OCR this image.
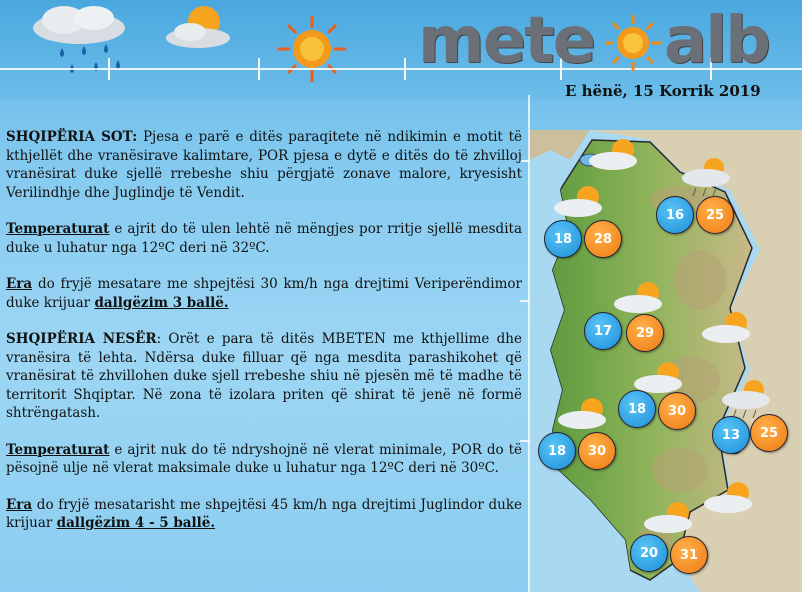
mete alb
E hënë, 15 Korrik 2019

SHQIPËRIA SOT: Pjesa e parë e ditës paraqitete në ndikimin e motit të kthjellët dhe vranësirave kalimtare, POR pjesa e dytë e ditës do të zhvilloj vranësirat duke sjellë rrebeshe shiu përgjatë zonave malore, kryesisht Verilindhje dhe Juglindje të Vendit.

Temperaturat e ajrit do të ulen lehtë në mëngjes por rritje sjellë mesdita duke u luhatur nga 12ºC deri në 32ºC.

Era do fryjë mesatare me shpejtësi 30 km/h nga drejtimi Veriperëndimor duke krijuar dallgëzim 3 ballë.

SHQIPËRIA NESËR: Orët e para të ditës MBETEN me kthjellime dhe vranësira të lehta. Ndërsa duke filluar që nga mesdita parashikohet që vranësirat të zhvillohen duke sjell rrebeshe shiu në pjesën më të madhe të territorit Shqiptar. Në zona të izolara priten që shirat të jenë në formë shtrëngatash.

Temperaturat e ajrit nuk do të ndryshojnë në vlerat minimale, POR do të pësojnë ulje në vlerat maksimale duke u luhatur nga 12ºC deri në 30ºC.

Era do fryjë mesatarisht me shpejtësi 45 km/h nga drejtimi Juglindor duke krijuar dallgëzim 4 - 5 ballë.

16	25
18	28
17	29
18	30
13	25
18	30
20	31
